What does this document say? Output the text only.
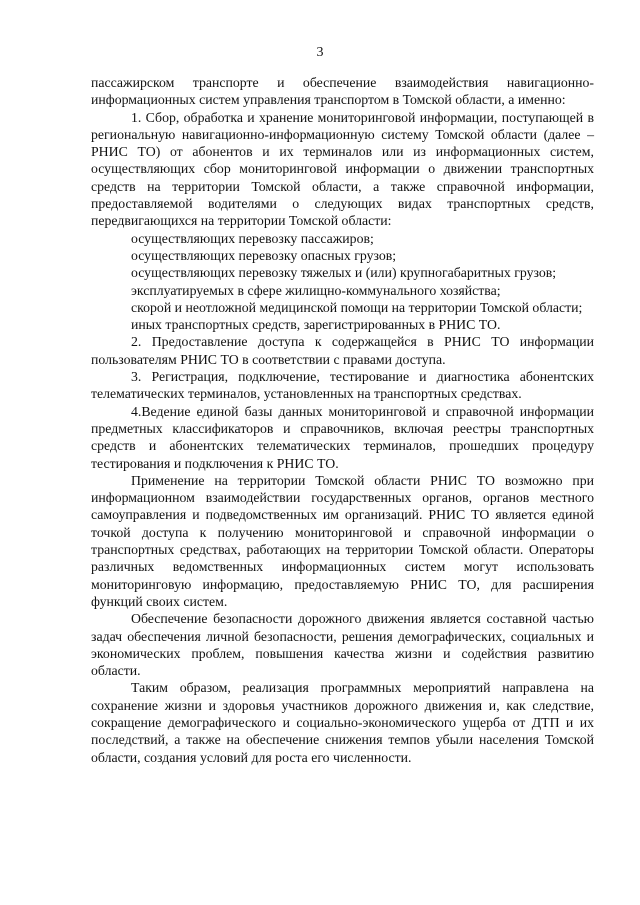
3

пассажирском транспорте и обеспечение взаимодействия навигационно-информационных систем управления транспортом в Томской области, а именно:

1. Сбор, обработка и хранение мониторинговой информации, поступающей в региональную навигационно-информационную систему Томской области (далее – РНИС ТО) от абонентов и их терминалов или из информационных систем, осуществляющих сбор мониторинговой информации о движении транспортных средств на территории Томской области, а также справочной информации, предоставляемой водителями о следующих видах транспортных средств, передвигающихся на территории Томской области:

осуществляющих перевозку пассажиров;

осуществляющих перевозку опасных грузов;

осуществляющих перевозку тяжелых и (или) крупногабаритных грузов;

эксплуатируемых в сфере жилищно-коммунального хозяйства;

скорой и неотложной медицинской помощи на территории Томской области;

иных транспортных средств, зарегистрированных в РНИС ТО.

2. Предоставление доступа к содержащейся в РНИС ТО информации пользователям РНИС ТО в соответствии с правами доступа.

3. Регистрация, подключение, тестирование и диагностика абонентских телематических терминалов, установленных на транспортных средствах.

4.Ведение единой базы данных мониторинговой и справочной информации предметных классификаторов и справочников, включая реестры транспортных средств и абонентских телематических терминалов, прошедших процедуру тестирования и подключения к РНИС ТО.

Применение на территории Томской области РНИС ТО возможно при информационном взаимодействии государственных органов, органов местного самоуправления и подведомственных им организаций. РНИС ТО является единой точкой доступа к получению мониторинговой и справочной информации о транспортных средствах, работающих на территории Томской области. Операторы различных ведомственных информационных систем могут использовать мониторинговую информацию, предоставляемую РНИС ТО, для расширения функций своих систем.

Обеспечение безопасности дорожного движения является составной частью задач обеспечения личной безопасности, решения демографических, социальных и экономических проблем, повышения качества жизни и содействия развитию области.

Таким образом, реализация программных мероприятий направлена на сохранение жизни и здоровья участников дорожного движения и, как следствие, сокращение демографического и социально-экономического ущерба от ДТП и их последствий, а также на обеспечение снижения темпов убыли населения Томской области, создания условий для роста его численности.
